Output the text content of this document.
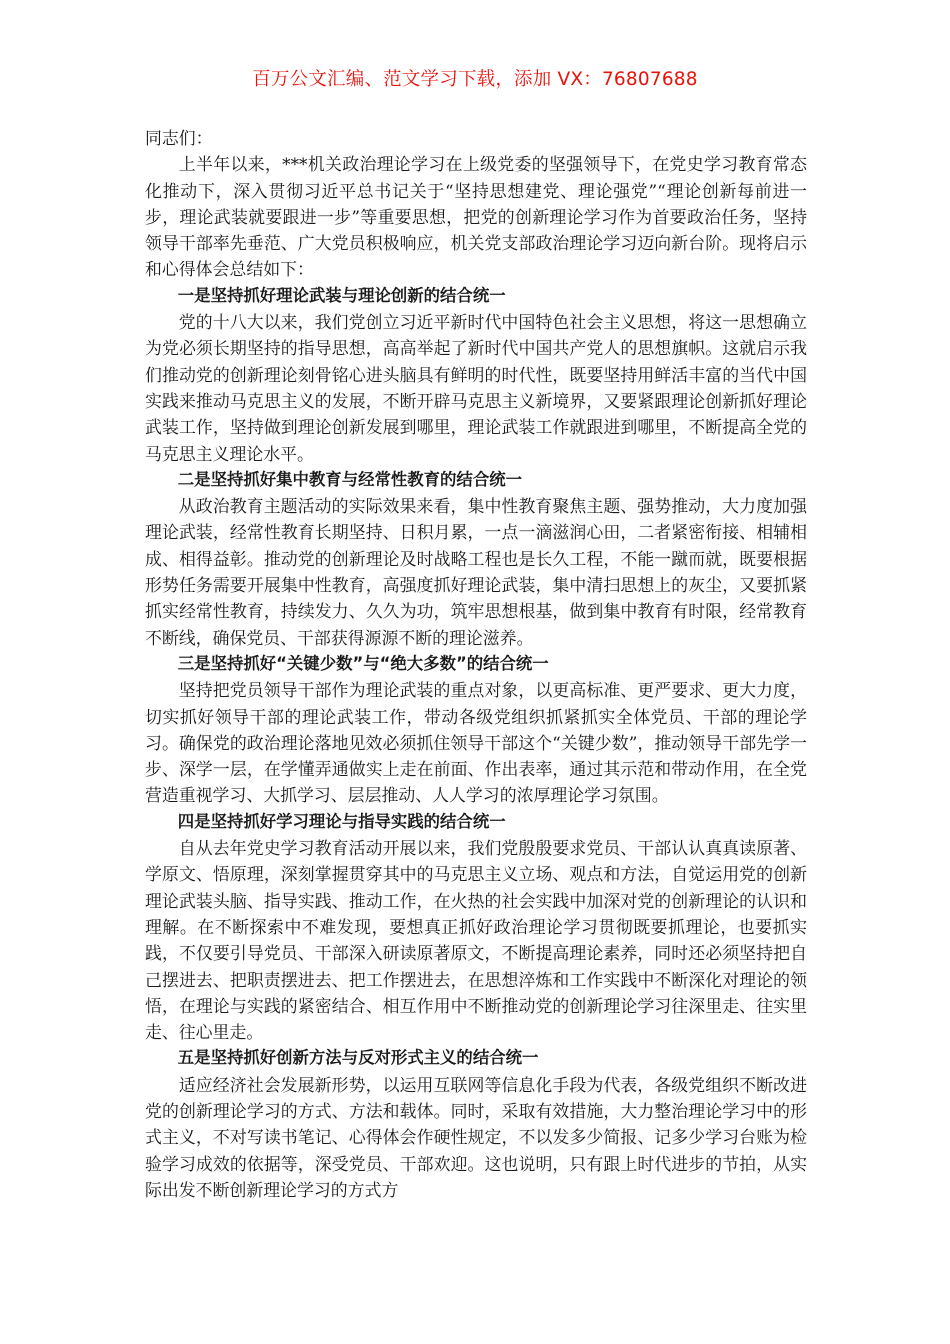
百万公文汇编、范文学习下载，添加 VX：76807688

同志们：

上半年以来，***机关政治理论学习在上级党委的坚强领导下，在党史学习教育常态化推动下，深入贯彻习近平总书记关于“坚持思想建党、理论强党”“理论创新每前进一步，理论武装就要跟进一步”等重要思想，把党的创新理论学习作为首要政治任务，坚持领导干部率先垂范、广大党员积极响应，机关党支部政治理论学习迈向新台阶。现将启示和心得体会总结如下：

一是坚持抓好理论武装与理论创新的结合统一

党的十八大以来，我们党创立习近平新时代中国特色社会主义思想，将这一思想确立为党必须长期坚持的指导思想，高高举起了新时代中国共产党人的思想旗帜。这就启示我们推动党的创新理论刻骨铭心进头脑具有鲜明的时代性，既要坚持用鲜活丰富的当代中国实践来推动马克思主义的发展，不断开辟马克思主义新境界，又要紧跟理论创新抓好理论武装工作，坚持做到理论创新发展到哪里，理论武装工作就跟进到哪里，不断提高全党的马克思主义理论水平。

二是坚持抓好集中教育与经常性教育的结合统一

从政治教育主题活动的实际效果来看，集中性教育聚焦主题、强势推动，大力度加强理论武装，经常性教育长期坚持、日积月累，一点一滴滋润心田，二者紧密衔接、相辅相成、相得益彰。推动党的创新理论及时战略工程也是长久工程，不能一蹴而就，既要根据形势任务需要开展集中性教育，高强度抓好理论武装，集中清扫思想上的灰尘，又要抓紧抓实经常性教育，持续发力、久久为功，筑牢思想根基，做到集中教育有时限，经常教育不断线，确保党员、干部获得源源不断的理论滋养。

三是坚持抓好“关键少数”与“绝大多数”的结合统一

坚持把党员领导干部作为理论武装的重点对象，以更高标准、更严要求、更大力度，切实抓好领导干部的理论武装工作，带动各级党组织抓紧抓实全体党员、干部的理论学习。确保党的政治理论落地见效必须抓住领导干部这个“关键少数”，推动领导干部先学一步、深学一层，在学懂弄通做实上走在前面、作出表率，通过其示范和带动作用，在全党营造重视学习、大抓学习、层层推动、人人学习的浓厚理论学习氛围。

四是坚持抓好学习理论与指导实践的结合统一

自从去年党史学习教育活动开展以来，我们党殷殷要求党员、干部认认真真读原著、学原文、悟原理，深刻掌握贯穿其中的马克思主义立场、观点和方法，自觉运用党的创新理论武装头脑、指导实践、推动工作，在火热的社会实践中加深对党的创新理论的认识和理解。在不断探索中不难发现，要想真正抓好政治理论学习贯彻既要抓理论，也要抓实践，不仅要引导党员、干部深入研读原著原文，不断提高理论素养，同时还必须坚持把自己摆进去、把职责摆进去、把工作摆进去，在思想淬炼和工作实践中不断深化对理论的领悟，在理论与实践的紧密结合、相互作用中不断推动党的创新理论学习往深里走、往实里走、往心里走。

五是坚持抓好创新方法与反对形式主义的结合统一

适应经济社会发展新形势，以运用互联网等信息化手段为代表，各级党组织不断改进党的创新理论学习的方式、方法和载体。同时，采取有效措施，大力整治理论学习中的形式主义，不对写读书笔记、心得体会作硬性规定，不以发多少简报、记多少学习台账为检验学习成效的依据等，深受党员、干部欢迎。这也说明，只有跟上时代进步的节拍，从实际出发不断创新理论学习的方式方
